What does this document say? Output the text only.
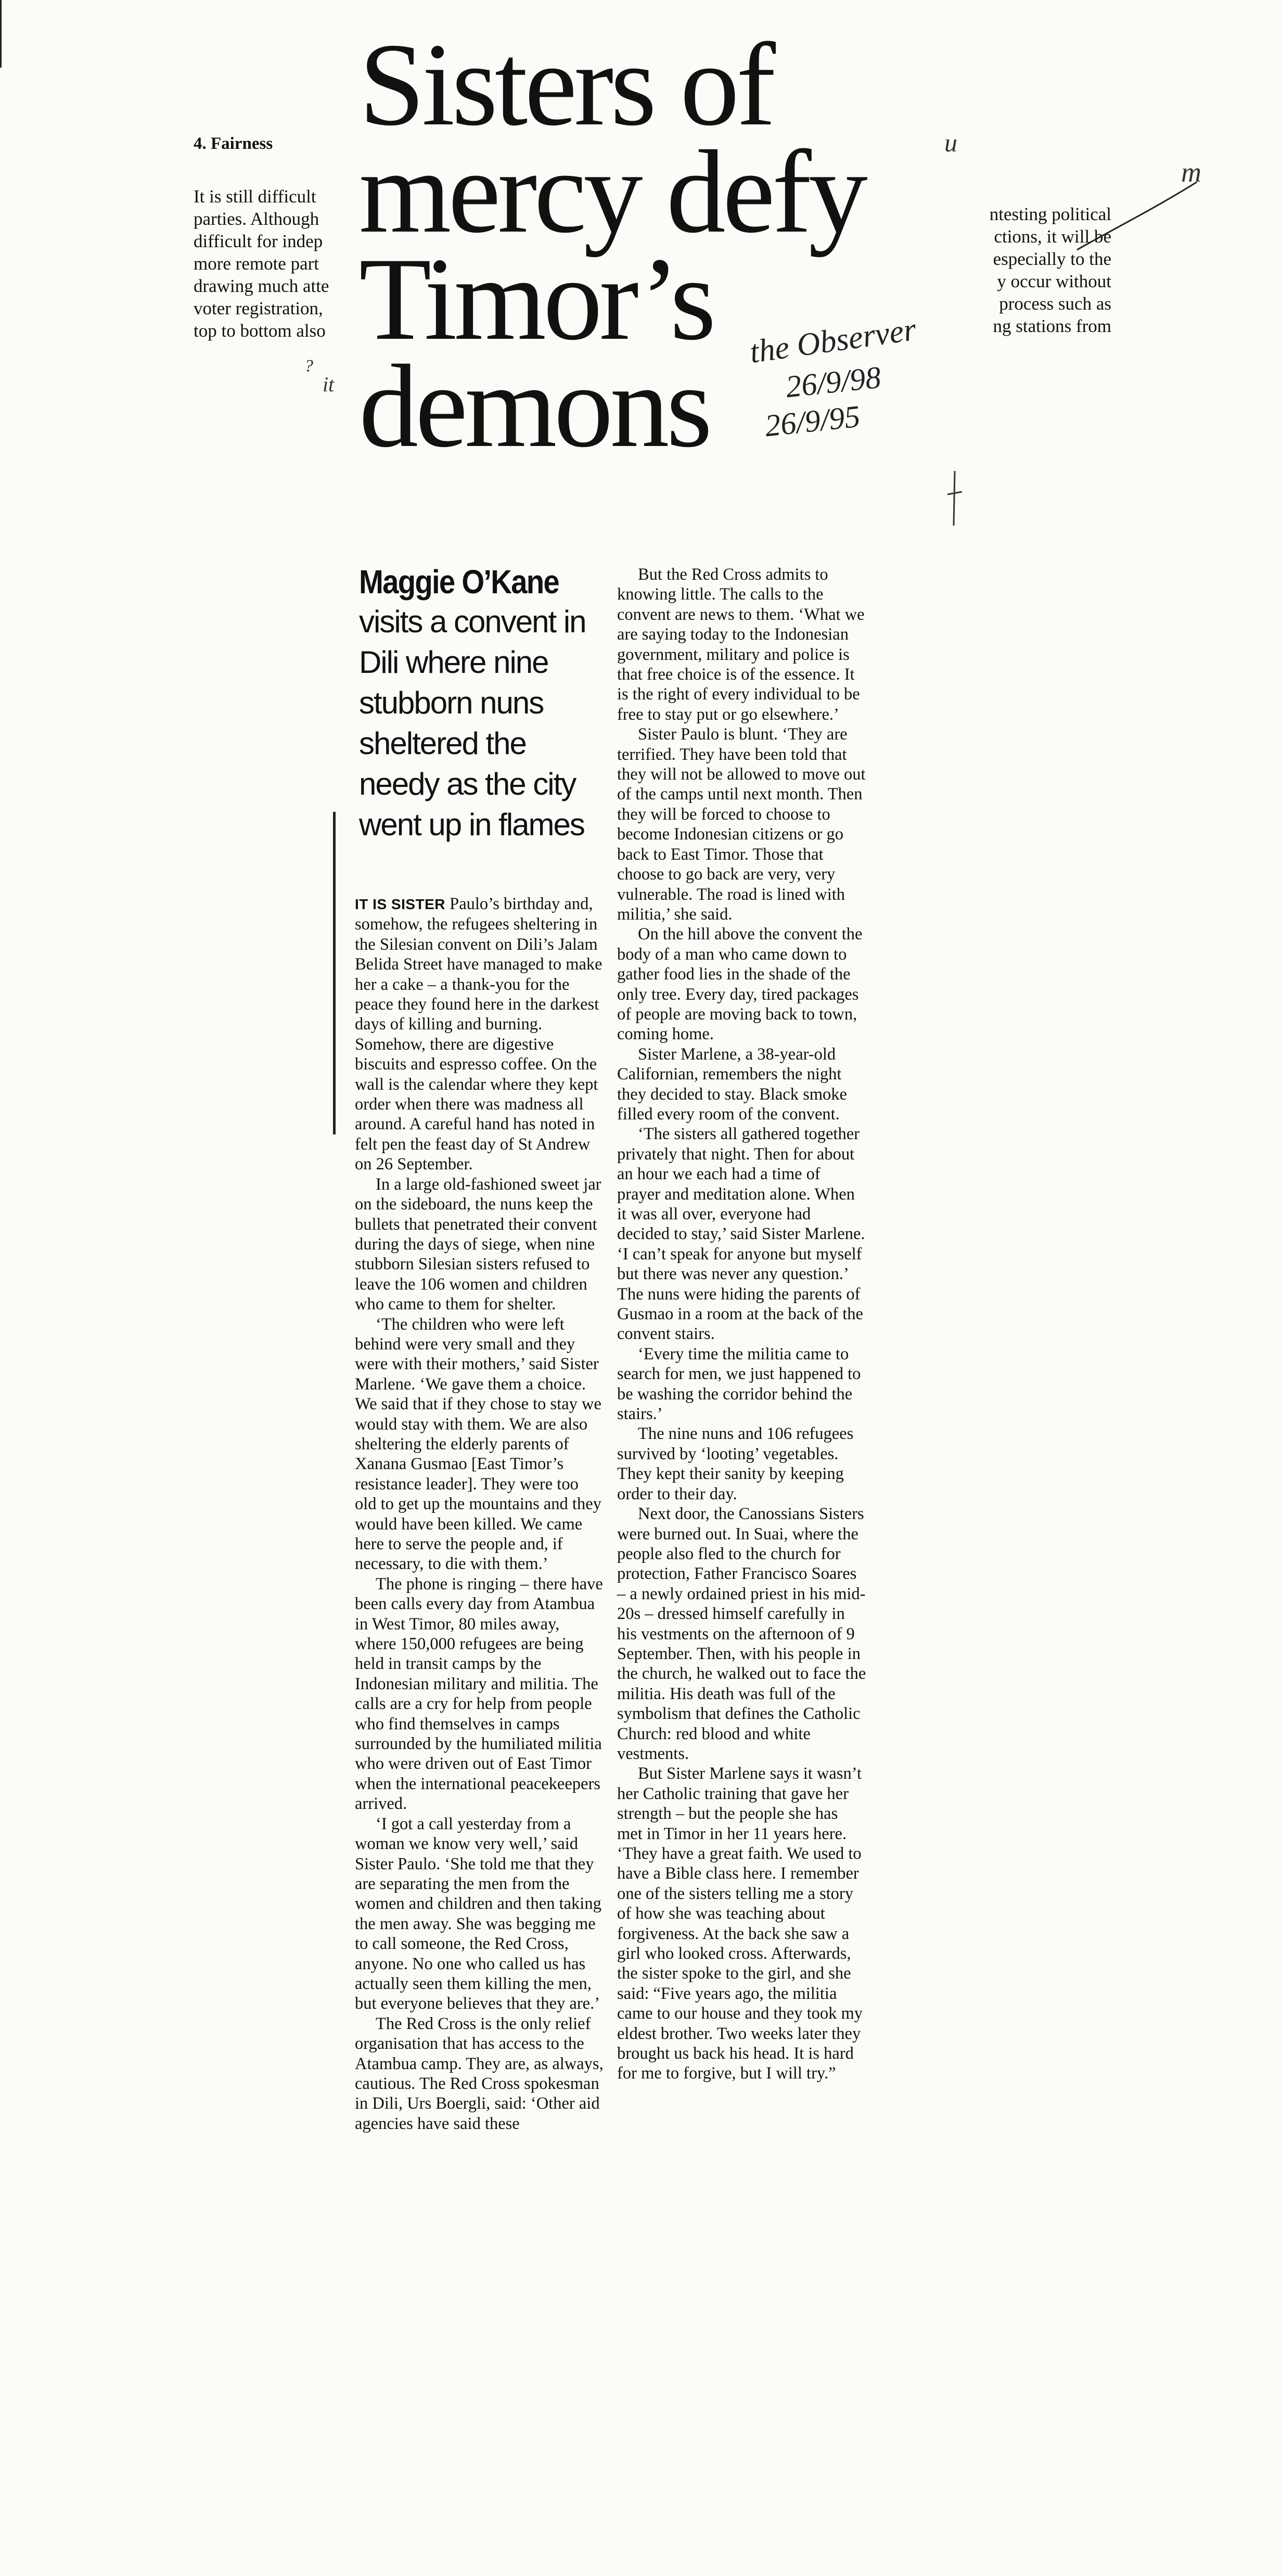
4. Fairness
It is still difficult
parties. Although
difficult for indep
more remote part
drawing much atte
voter registration,
top to bottom also
ntesting political
ctions, it will be
especially to the
y occur without
process such as
ng stations from
u
m
it
?
Sisters of
mercy defy
Timor’s
demons	the Observer
26/9/98
26/9/95
Maggie O’Kane
visits a convent in Dili where nine stubborn nuns sheltered the needy as the city went up in flames

IT IS SISTER Paulo’s birthday and, somehow, the refugees sheltering in the Silesian convent on Dili’s Jalam Belida Street have managed to make her a cake – a thank-you for the peace they found here in the darkest days of killing and burning. Somehow, there are digestive biscuits and espresso coffee. On the wall is the calendar where they kept order when there was madness all around. A careful hand has noted in felt pen the feast day of St Andrew on 26 September.

In a large old-fashioned sweet jar on the sideboard, the nuns keep the bullets that penetrated their convent during the days of siege, when nine stubborn Silesian sisters refused to leave the 106 women and children who came to them for shelter.

‘The children who were left behind were very small and they were with their mothers,’ said Sister Marlene. ‘We gave them a choice. We said that if they chose to stay we would stay with them. We are also sheltering the elderly parents of Xanana Gusmao [East Timor’s resistance leader]. They were too old to get up the mountains and they would have been killed. We came here to serve the people and, if necessary, to die with them.’

The phone is ringing – there have been calls every day from Atambua in West Timor, 80 miles away, where 150,000 refugees are being held in transit camps by the Indonesian military and militia. The calls are a cry for help from people who find themselves in camps surrounded by the humiliated militia who were driven out of East Timor when the international peacekeepers arrived.

‘I got a call yesterday from a woman we know very well,’ said Sister Paulo. ‘She told me that they are separating the men from the women and children and then taking the men away. She was begging me to call someone, the Red Cross, anyone. No one who called us has actually seen them killing the men, but everyone believes that they are.’

The Red Cross is the only relief organisation that has access to the Atambua camp. They are, as always, cautious. The Red Cross spokesman in Dili, Urs Boergli, said: ‘Other aid agencies have said these

But the Red Cross admits to knowing little. The calls to the convent are news to them. ‘What we are saying today to the Indonesian government, military and police is that free choice is of the essence. It is the right of every individual to be free to stay put or go elsewhere.’

Sister Paulo is blunt. ‘They are terrified. They have been told that they will not be allowed to move out of the camps until next month. Then they will be forced to choose to become Indonesian citizens or go back to East Timor. Those that choose to go back are very, very vulnerable. The road is lined with militia,’ she said.

On the hill above the convent the body of a man who came down to gather food lies in the shade of the only tree. Every day, tired packages of people are moving back to town, coming home.

Sister Marlene, a 38-year-old Californian, remembers the night they decided to stay. Black smoke filled every room of the convent.

‘The sisters all gathered together privately that night. Then for about an hour we each had a time of prayer and meditation alone. When it was all over, everyone had decided to stay,’ said Sister Marlene. ‘I can’t speak for anyone but myself but there was never any question.’ The nuns were hiding the parents of Gusmao in a room at the back of the convent stairs.

‘Every time the militia came to search for men, we just happened to be washing the corridor behind the stairs.’

The nine nuns and 106 refugees survived by ‘looting’ vegetables. They kept their sanity by keeping order to their day.

Next door, the Canossians Sisters were burned out. In Suai, where the people also fled to the church for protection, Father Francisco Soares – a newly ordained priest in his mid-20s – dressed himself carefully in his vestments on the afternoon of 9 September. Then, with his people in the church, he walked out to face the militia. His death was full of the symbolism that defines the Catholic Church: red blood and white vestments.

But Sister Marlene says it wasn’t her Catholic training that gave her strength – but the people she has met in Timor in her 11 years here. ‘They have a great faith. We used to have a Bible class here. I remember one of the sisters telling me a story of how she was teaching about forgiveness. At the back she saw a girl who looked cross. Afterwards, the sister spoke to the girl, and she said: “Five years ago, the militia came to our house and they took my eldest brother. Two weeks later they brought us back his head. It is hard for me to forgive, but I will try.”
